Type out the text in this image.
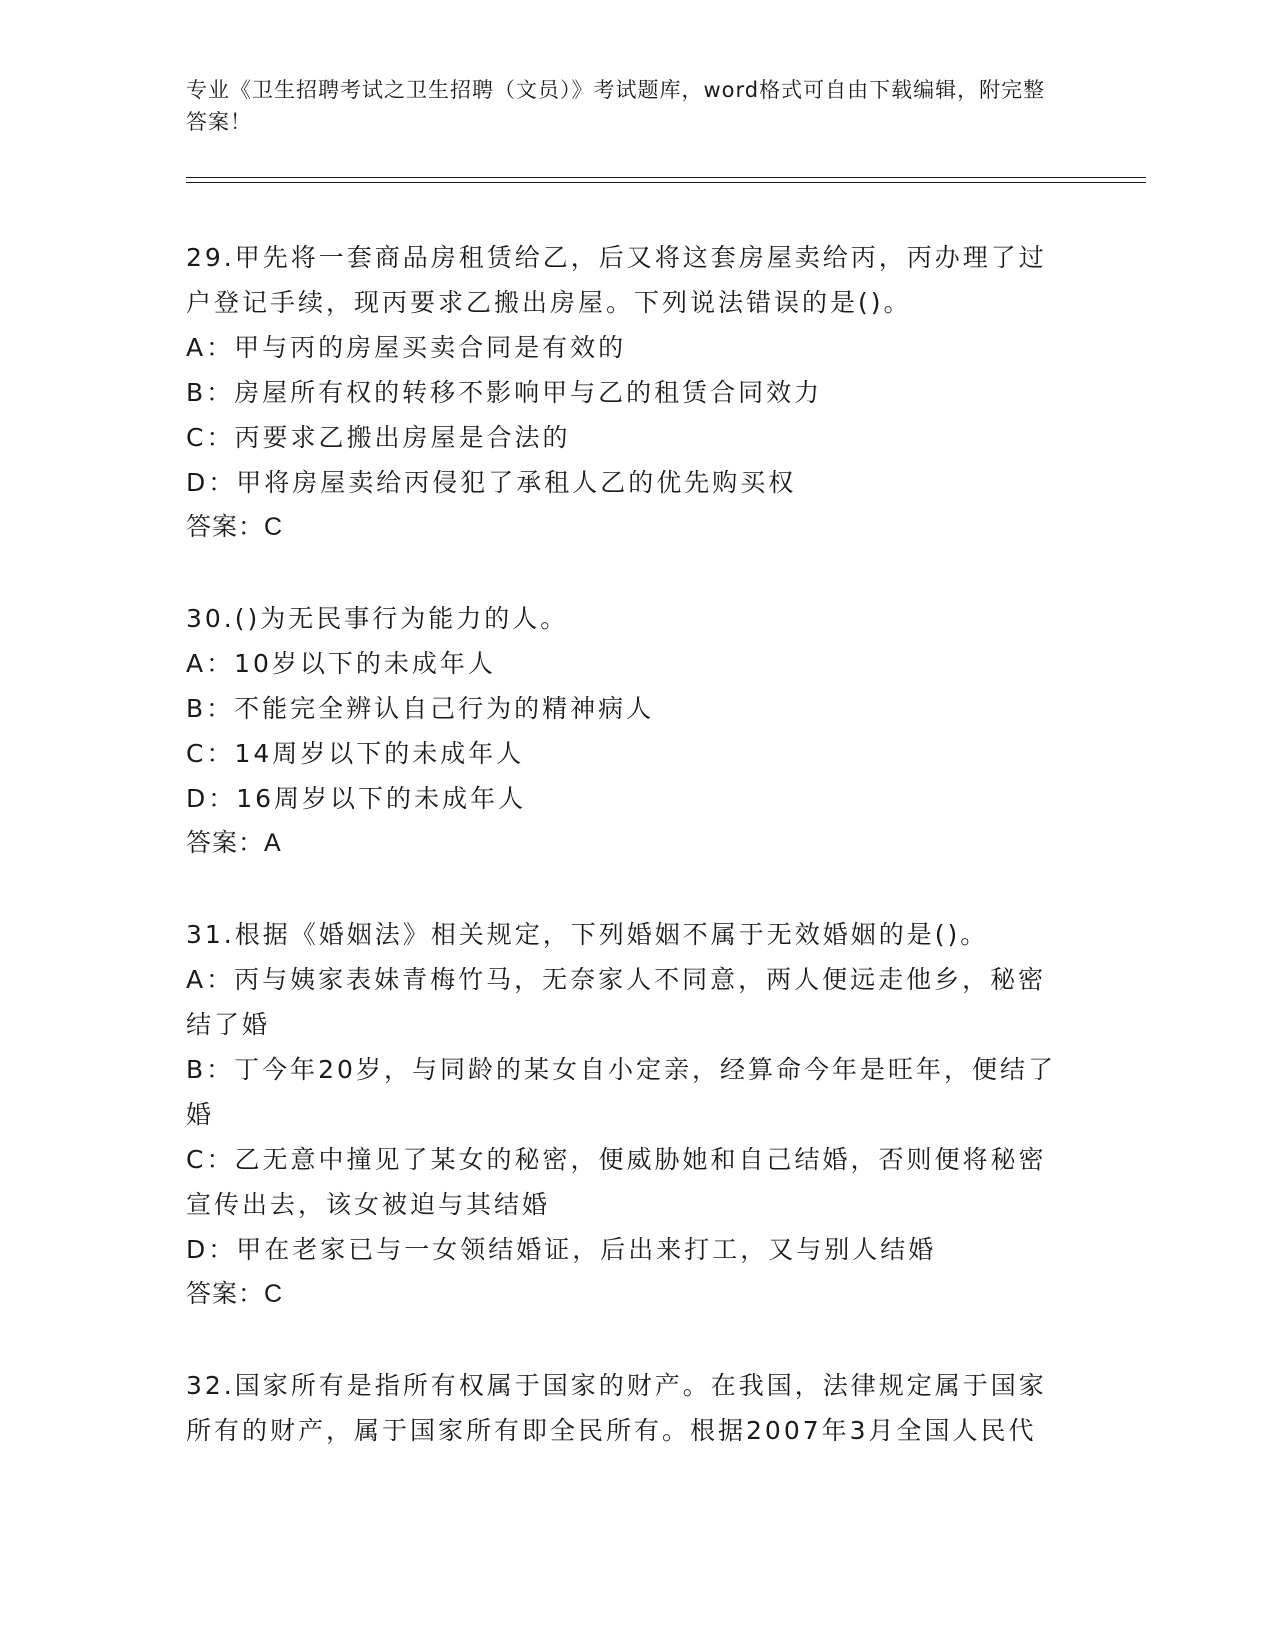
专业《卫生招聘考试之卫生招聘（文员）》考试题库，word格式可自由下载编辑，附完整答案！
29.甲先将一套商品房租赁给乙，后又将这套房屋卖给丙，丙办理了过户登记手续，现丙要求乙搬出房屋。下列说法错误的是()。
A：甲与丙的房屋买卖合同是有效的
B：房屋所有权的转移不影响甲与乙的租赁合同效力
C：丙要求乙搬出房屋是合法的
D：甲将房屋卖给丙侵犯了承租人乙的优先购买权
答案：C
30.()为无民事行为能力的人。
A：10岁以下的未成年人
B：不能完全辨认自己行为的精神病人
C：14周岁以下的未成年人
D：16周岁以下的未成年人
答案：A
31.根据《婚姻法》相关规定，下列婚姻不属于无效婚姻的是()。
A：丙与姨家表妹青梅竹马，无奈家人不同意，两人便远走他乡，秘密结了婚
B：丁今年20岁，与同龄的某女自小定亲，经算命今年是旺年，便结了婚
C：乙无意中撞见了某女的秘密，便威胁她和自己结婚，否则便将秘密宣传出去，该女被迫与其结婚
D：甲在老家已与一女领结婚证，后出来打工，又与别人结婚
答案：C
32.国家所有是指所有权属于国家的财产。在我国，法律规定属于国家所有的财产，属于国家所有即全民所有。根据2007年3月全国人民代
